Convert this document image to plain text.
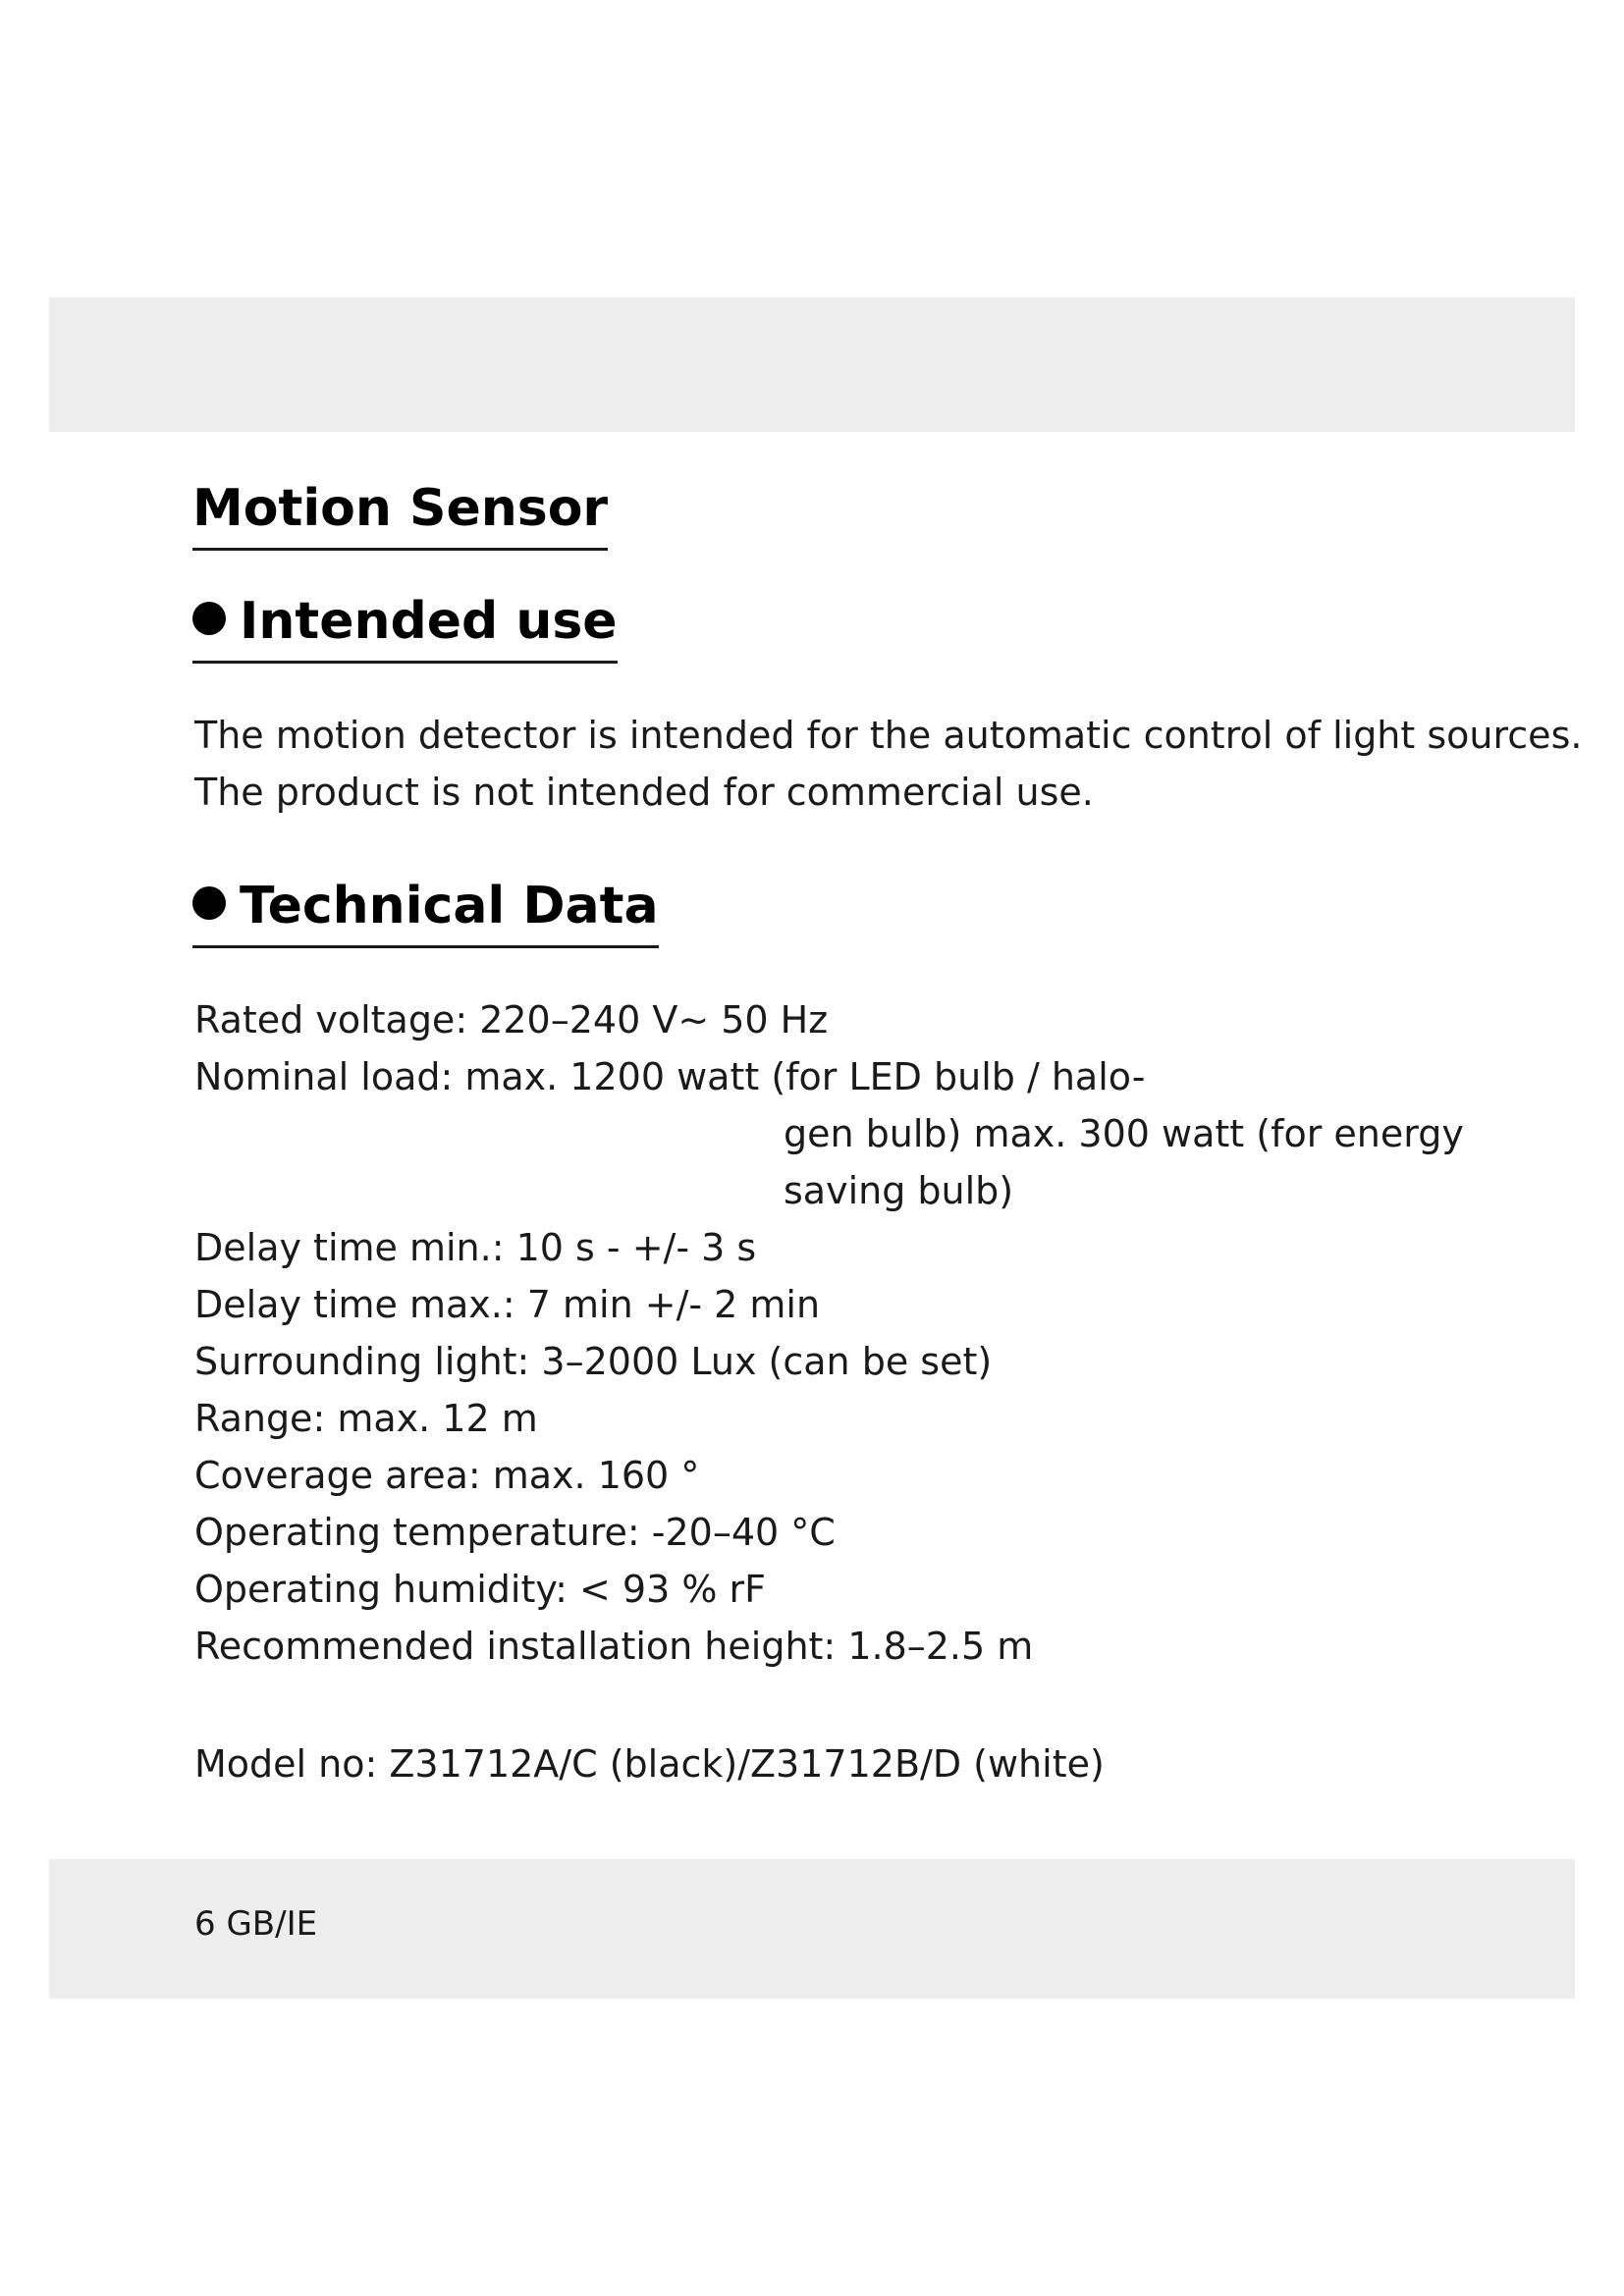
Motion Sensor
Intended use
The motion detector is intended for the automatic control of light sources.
The product is not intended for commercial use.
Technical Data
Rated voltage: 220–240 V~ 50 Hz
Nominal load: max. 1200 watt (for LED bulb / halo-
gen bulb) max. 300 watt (for energy
saving bulb)
Delay time min.: 10 s - +/- 3 s
Delay time max.: 7 min +/- 2 min
Surrounding light: 3–2000 Lux (can be set)
Range: max. 12 m
Coverage area: max. 160 °
Operating temperature: -20–40 °C
Operating humidity: < 93 % rF
Recommended installation height: 1.8–2.5 m
Model no: Z31712A/C (black)/Z31712B/D (white)
6 GB/IE
